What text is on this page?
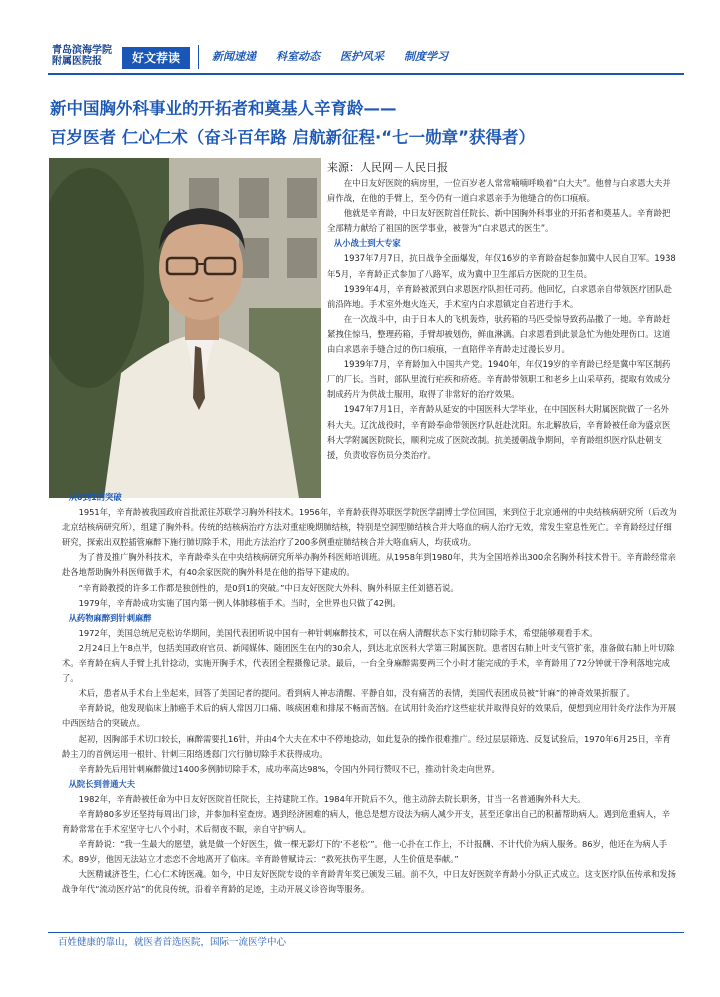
青岛滨海学院
附属医院报	好文荐读	新闻速递 科室动态 医护风采 制度学习
新中国胸外科事业的开拓者和奠基人辛育龄——
百岁医者 仁心仁术（奋斗百年路 启航新征程·“七一勋章”获得者）

来源：人民网－人民日报

在中日友好医院的病房里，一位百岁老人常常喃喃呼唤着“白大夫”。他曾与白求恩大夫并肩作战，在他的手臂上，至今仍有一道白求恩亲手为他缝合的伤口痕痕。

他就是辛育龄，中日友好医院首任院长、新中国胸外科事业的开拓者和奠基人。辛育龄把全部精力献给了祖国的医学事业，被誉为“白求恩式的医生”。

从小战士到大专家

1937年7月7日，抗日战争全面爆发，年仅16岁的辛育龄奋起参加冀中人民自卫军。1938年5月，辛育龄正式参加了八路军，成为冀中卫生部后方医院的卫生员。

1939年4月，辛育龄被派到白求恩医疗队担任司药。他回忆，白求恩亲自带领医疗团队赴前沿阵地。手术室外炮火连天，手术室内白求恩镇定自若进行手术。

在一次战斗中，由于日本人的飞机轰炸，驮药箱的马匹受惊导致药品撒了一地。辛育龄赶紧拽住惊马，整理药箱，手臂却被划伤，鲜血淋漓。白求恩看到此景急忙为他处理伤口。这道由白求恩亲手缝合过的伤口痕痕，一直陪伴辛育龄走过漫长岁月。

1939年7月，辛育龄加入中国共产党。1940年，年仅19岁的辛育龄已经是冀中军区制药厂的厂长。当时，部队里流行疟疾和疥疮。辛育龄带领职工和老乡上山采草药，提取有效成分制成药片为供战士服用，取得了非常好的治疗效果。

1947年7月1日，辛育龄从延安的中国医科大学毕业，在中国医科大附属医院做了一名外科大夫。辽沈战役时，辛育龄奉命带领医疗队赶赴沈阳。东北解放后，辛育龄被任命为盛京医科大学附属医院院长，顺利完成了医院改制。抗美援朝战争期间，辛育龄组织医疗队赴朝支援，负责收容伤员分类治疗。

从0到1的突破

1951年，辛育龄被我国政府首批派往苏联学习胸外科技术。1956年，辛育龄获得苏联医学院医学副博士学位回国，来到位于北京通州的中央结核病研究所（后改为北京结核病研究所），组建了胸外科。传统的结核病治疗方法对重症晚期肺结核，特别是空洞型肺结核合并大咯血的病人治疗无效，常发生窒息性死亡。辛育龄经过仔细研究，探索出双腔插管麻醉下施行肺切除手术，用此方法治疗了200多例重症肺结核合并大咯血病人，均获成功。

为了普及推广胸外科技术，辛育龄牵头在中央结核病研究所举办胸外科医师培训班。从1958年到1980年，共为全国培养出300余名胸外科技术骨干。辛育龄经常亲赴各地帮助胸外科医师做手术，有40余家医院的胸外科是在他的指导下建成的。

“辛育龄教授的许多工作都是独创性的，是0到1的突破。”中日友好医院大外科、胸外科原主任刘德若说。

1979年，辛育龄成功实施了国内第一例人体肺移植手术。当时，全世界也只做了42例。

从药物麻醉到针刺麻醉

1972年，美国总统尼克松访华期间，美国代表团听说中国有一种针刺麻醉技术，可以在病人清醒状态下实行肺切除手术，希望能够观看手术。

2月24日上午8点半，包括美国政府官员、新闻媒体、随团医生在内的30余人，到达北京医科大学第三附属医院。患者因右肺上叶支气管扩张，准备做右肺上叶切除术。辛育龄在病人手臂上扎针捻动，实施开胸手术，代表团全程摄像记录。最后，一台全身麻醉需要两三个小时才能完成的手术，辛育龄用了72分钟就干净利落地完成了。

术后，患者从手术台上坐起来，回答了美国记者的提问。看到病人神志清醒、平静自如，没有痛苦的表情，美国代表团成员被“针麻”的神奇效果折服了。

辛育龄说，他发现临床上肺癌手术后的病人常因刀口痛、咳痰困难和排尿不畅而苦恼。在试用针灸治疗这些症状并取得良好的效果后，便想到应用针灸疗法作为开展中西医结合的突破点。

起初，因胸部手术切口较长，麻醉需要扎16针，并由4个大夫在术中不停地捻动，如此复杂的操作很难推广。经过层层筛选、反复试验后，1970年6月25日，辛育龄主刀的首例运用一根针、针刺三阳络透郄门穴行肺切除手术获得成功。

辛育龄先后用针刺麻醉做过1400多例肺切除手术，成功率高达98%，令国内外同行赞叹不已，推动针灸走向世界。

从院长到普通大夫

1982年，辛育龄被任命为中日友好医院首任院长，主持建院工作。1984年开院后不久，他主动辞去院长职务，甘当一名普通胸外科大夫。

辛育龄80多岁还坚持每周出门诊，并参加科室查房。遇到经济困难的病人，他总是想方设法为病人减少开支，甚至还拿出自己的积蓄帮助病人。遇到危重病人，辛育龄常常在手术室坚守七八个小时，术后彻夜不眠，亲自守护病人。

辛育龄说：“我一生最大的愿望，就是做一个好医生，做一棵无影灯下的‘不老松’”。他一心扑在工作上，不计报酬、不计代价为病人服务。86岁，他还在为病人手术。89岁，他因无法站立才恋恋不舍地离开了临床。辛育龄曾赋诗云：“救死扶伤平生愿，人生价值是奉献。”

大医精诚济苍生，仁心仁术铸医魂。如今，中日友好医院专设的辛育龄青年奖已颁发三届。前不久，中日友好医院辛育龄小分队正式成立。这支医疗队伍传承和发扬战争年代“流动医疗站”的优良传统，沿着辛育龄的足迹，主动开展义诊咨询等服务。

百姓健康的靠山，就医者首选医院，国际一流医学中心
